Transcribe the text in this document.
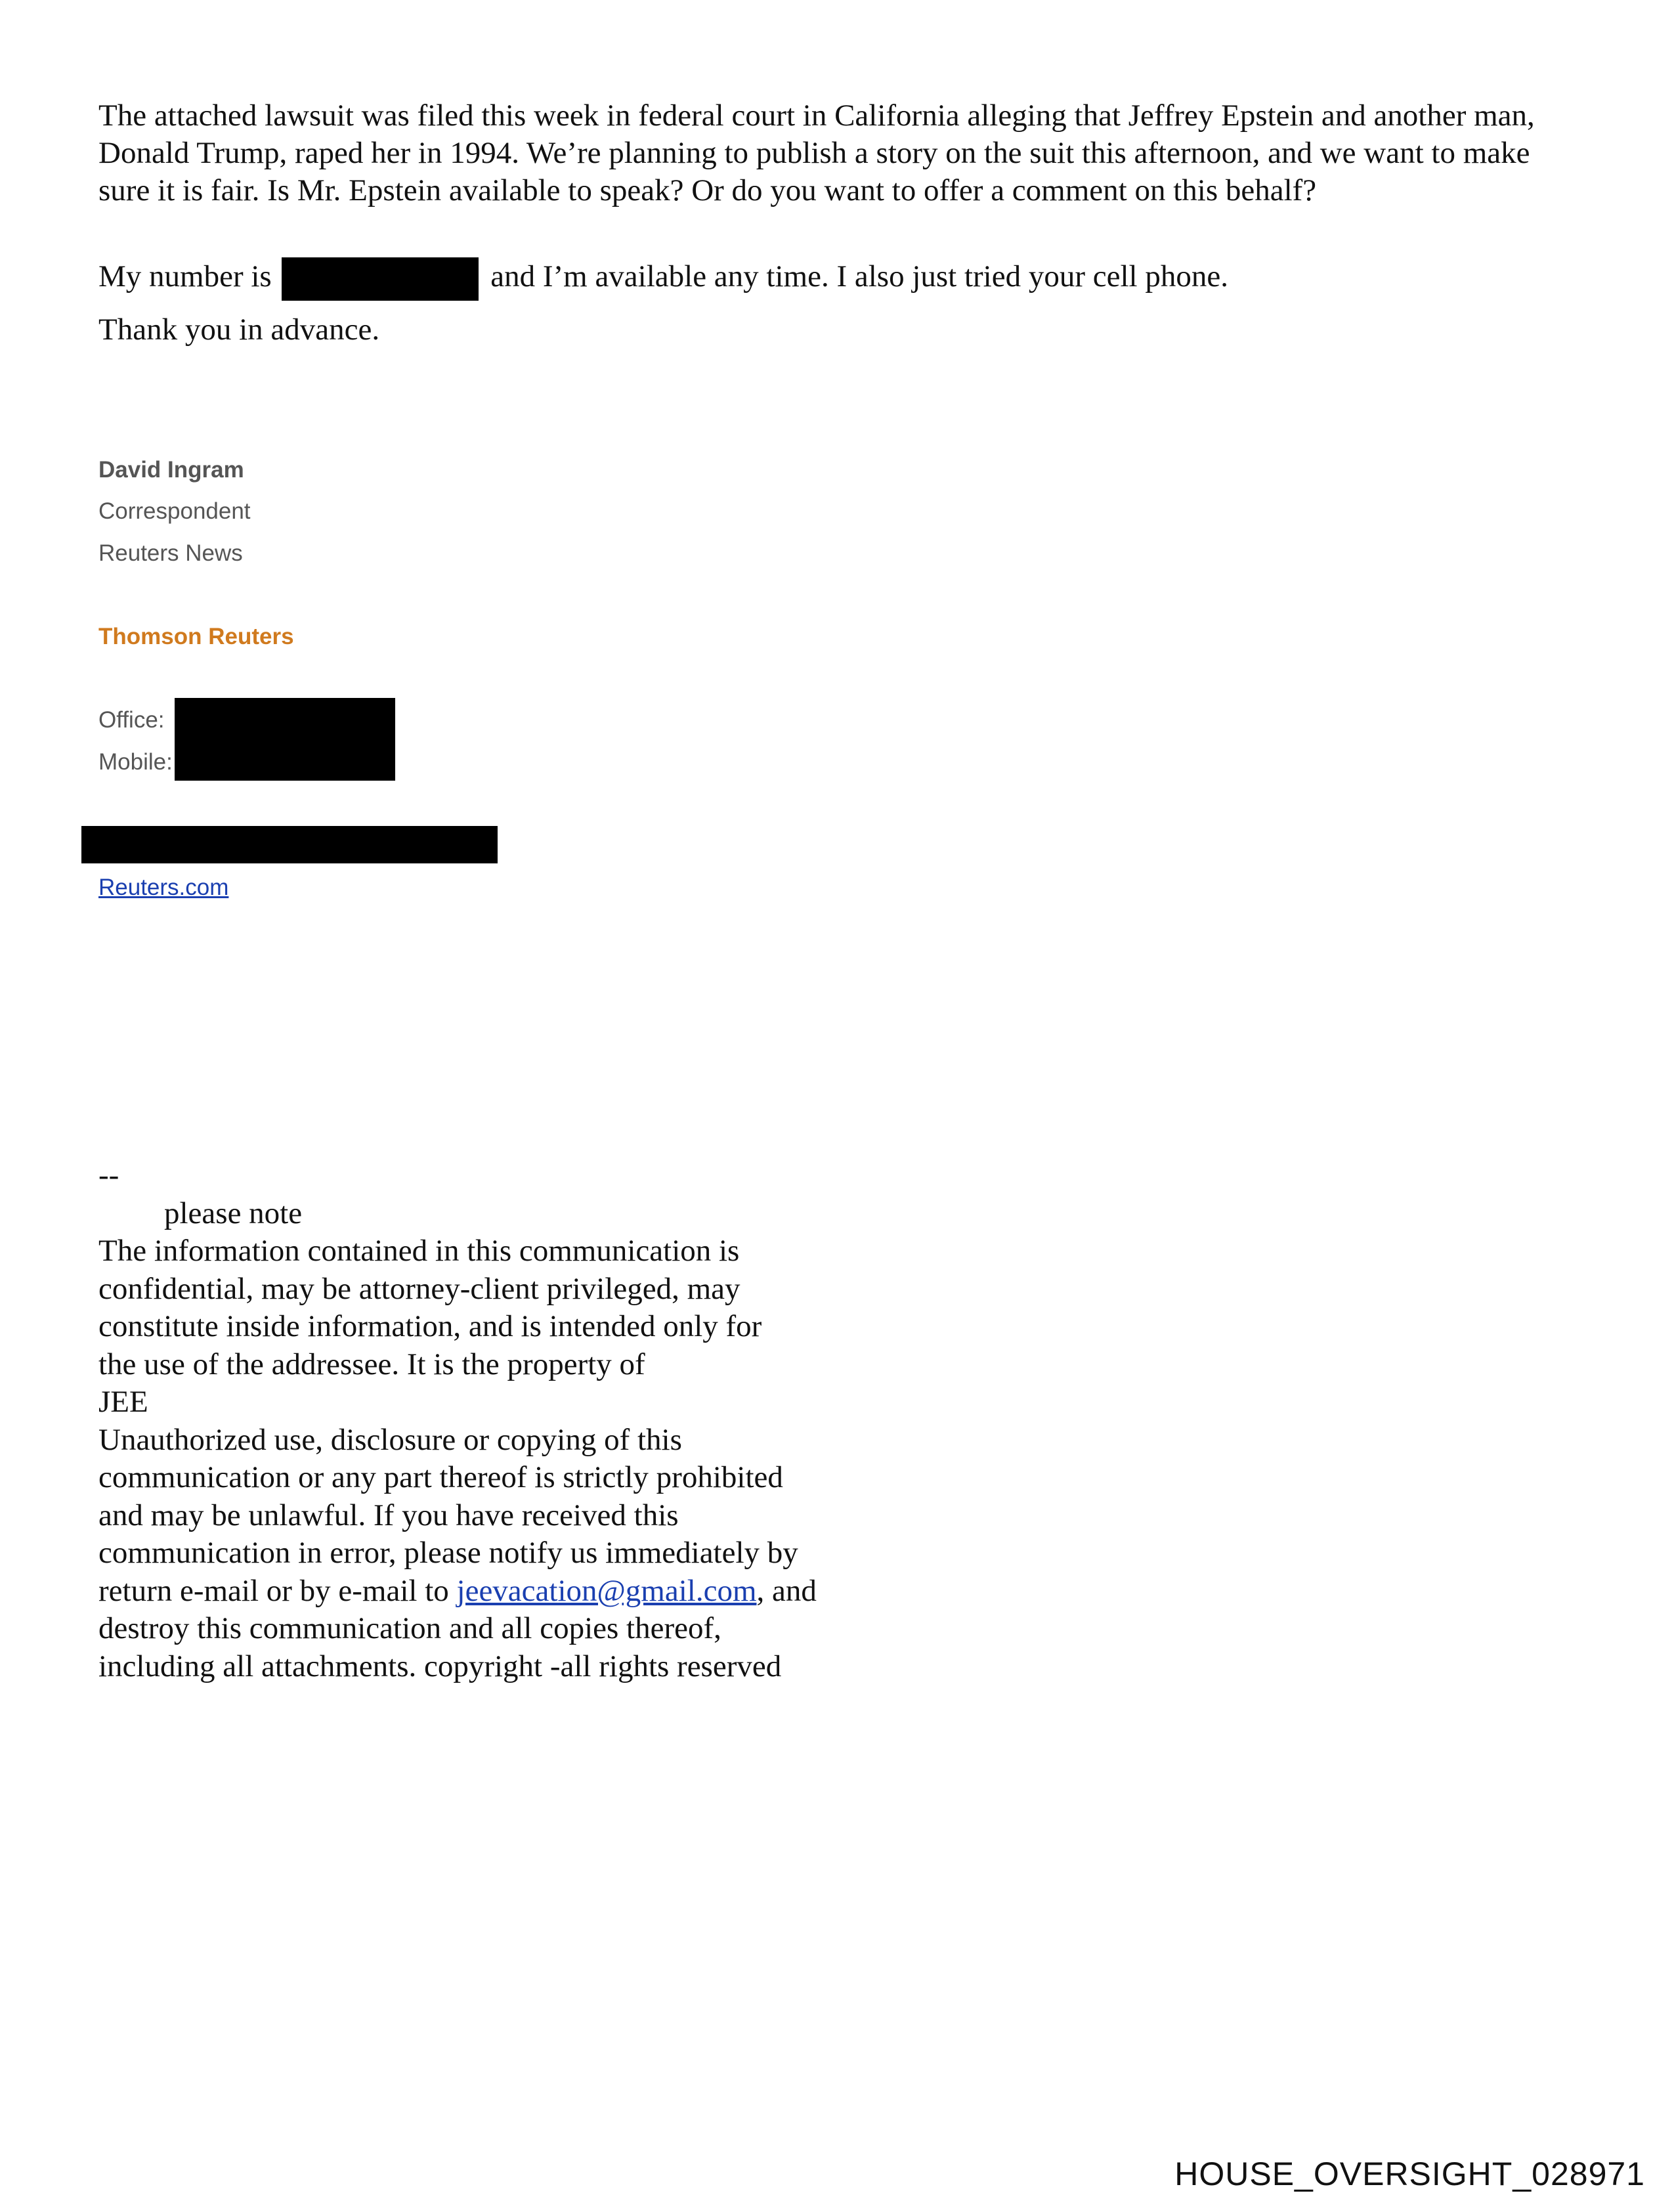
The attached lawsuit was filed this week in federal court in California alleging that Jeffrey Epstein and another man, Donald Trump, raped her in 1994. We’re planning to publish a story on the suit this afternoon, and we want to make sure it is fair. Is Mr. Epstein available to speak? Or do you want to offer a comment on this behalf?

My number is	and I’m available any time. I also just tried your cell phone.

Thank you in advance.

David Ingram

Correspondent

Reuters News

Thomson Reuters

Office:

Mobile:

Reuters.com
--
please note
The information contained in this communication is
confidential, may be attorney-client privileged, may
constitute inside information, and is intended only for
the use of the addressee. It is the property of
JEE
Unauthorized use, disclosure or copying of this
communication or any part thereof is strictly prohibited
and may be unlawful. If you have received this
communication in error, please notify us immediately by
return e-mail or by e-mail to jeevacation@gmail.com, and
destroy this communication and all copies thereof,
including all attachments. copyright -all rights reserved
HOUSE_OVERSIGHT_028971
